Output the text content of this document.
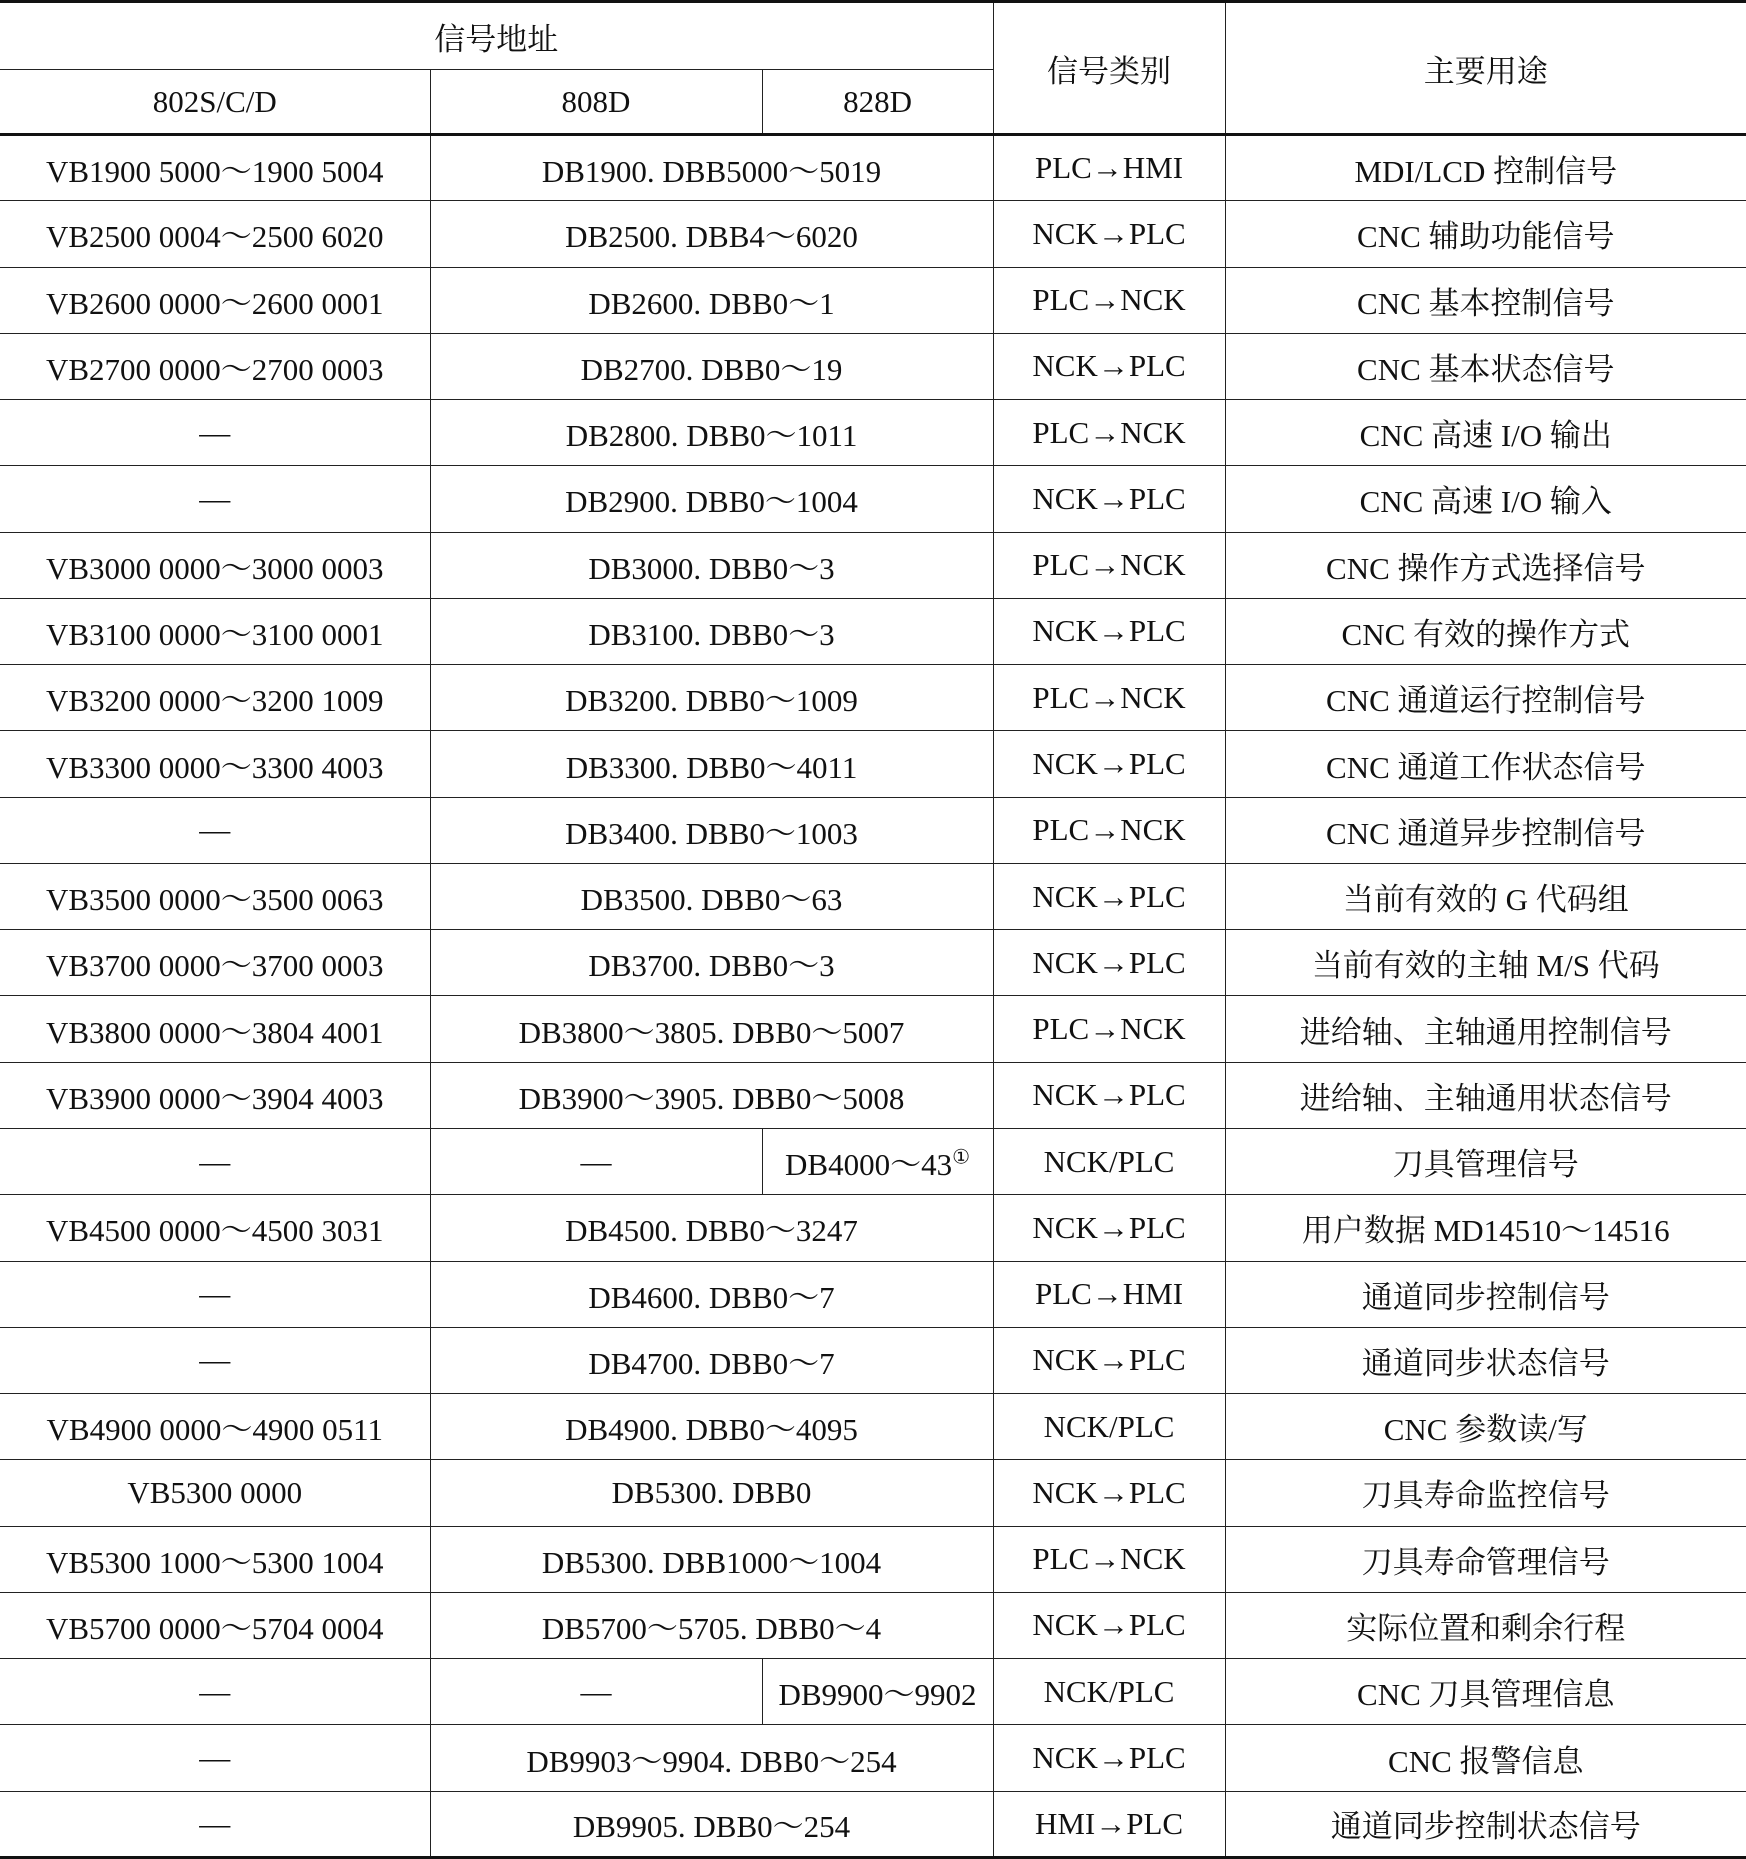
信号地址			信号类别	主要用途
802S/C/D	808D	828D		
VB1900 5000～1900 5004	DB1900. DBB5000～5019		PLC→HMI	MDI/LCD 控制信号
VB2500 0004～2500 6020	DB2500. DBB4～6020		NCK→PLC	CNC 辅助功能信号
VB2600 0000～2600 0001	DB2600. DBB0～1		PLC→NCK	CNC 基本控制信号
VB2700 0000～2700 0003	DB2700. DBB0～19		NCK→PLC	CNC 基本状态信号
—	DB2800. DBB0～1011		PLC→NCK	CNC 高速 I/O 输出
—	DB2900. DBB0～1004		NCK→PLC	CNC 高速 I/O 输入
VB3000 0000～3000 0003	DB3000. DBB0～3		PLC→NCK	CNC 操作方式选择信号
VB3100 0000～3100 0001	DB3100. DBB0～3		NCK→PLC	CNC 有效的操作方式
VB3200 0000～3200 1009	DB3200. DBB0～1009		PLC→NCK	CNC 通道运行控制信号
VB3300 0000～3300 4003	DB3300. DBB0～4011		NCK→PLC	CNC 通道工作状态信号
—	DB3400. DBB0～1003		PLC→NCK	CNC 通道异步控制信号
VB3500 0000～3500 0063	DB3500. DBB0～63		NCK→PLC	当前有效的 G 代码组
VB3700 0000～3700 0003	DB3700. DBB0～3		NCK→PLC	当前有效的主轴 M/S 代码
VB3800 0000～3804 4001	DB3800～3805. DBB0～5007		PLC→NCK	进给轴、主轴通用控制信号
VB3900 0000～3904 4003	DB3900～3905. DBB0～5008		NCK→PLC	进给轴、主轴通用状态信号
—	—	DB4000～43①	NCK/PLC	刀具管理信号
VB4500 0000～4500 3031	DB4500. DBB0～3247		NCK→PLC	用户数据 MD14510～14516
—	DB4600. DBB0～7		PLC→HMI	通道同步控制信号
—	DB4700. DBB0～7		NCK→PLC	通道同步状态信号
VB4900 0000～4900 0511	DB4900. DBB0～4095		NCK/PLC	CNC 参数读/写
VB5300 0000	DB5300. DBB0		NCK→PLC	刀具寿命监控信号
VB5300 1000～5300 1004	DB5300. DBB1000～1004		PLC→NCK	刀具寿命管理信号
VB5700 0000～5704 0004	DB5700～5705. DBB0～4		NCK→PLC	实际位置和剩余行程
—	—	DB9900～9902	NCK/PLC	CNC 刀具管理信息
—	DB9903～9904. DBB0～254		NCK→PLC	CNC 报警信息
—	DB9905. DBB0～254		HMI→PLC	通道同步控制状态信号
